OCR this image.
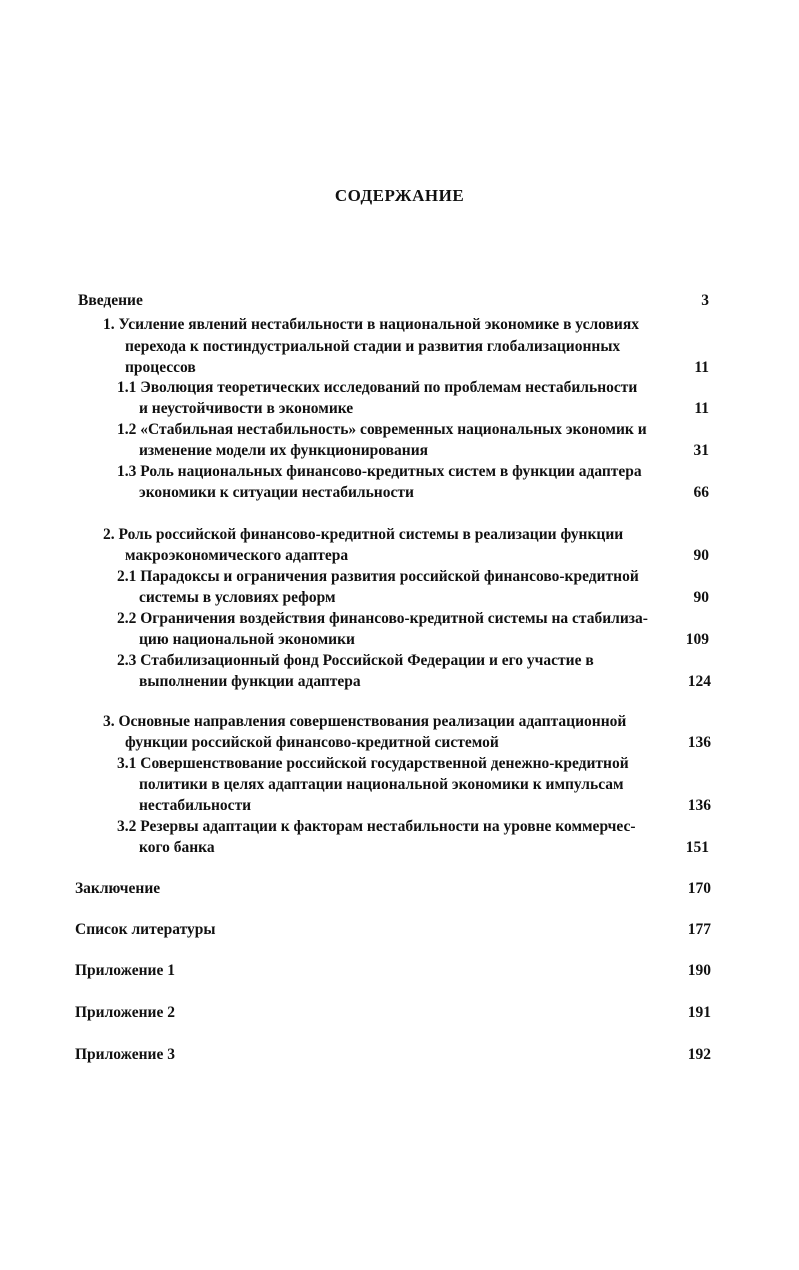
СОДЕРЖАНИЕ
Введение	3
1. Усиление явлений нестабильности в национальной экономике в условиях
перехода к постиндустриальной стадии и развития глобализационных
процессов	11
1.1 Эволюция теоретических исследований по проблемам нестабильности
и неустойчивости в экономике	11
1.2 «Стабильная нестабильность» современных национальных экономик и
изменение модели их функционирования	31
1.3 Роль национальных финансово-кредитных систем в функции адаптера
экономики к ситуации нестабильности	66
2. Роль российской финансово-кредитной системы в реализации функции
макроэкономического адаптера	90
2.1 Парадоксы и ограничения развития российской финансово-кредитной
системы в условиях реформ	90
2.2 Ограничения воздействия финансово-кредитной системы на стабилиза-
цию национальной экономики	109
2.3 Стабилизационный фонд Российской Федерации и его участие в
выполнении функции адаптера	124
3. Основные направления совершенствования реализации адаптационной
функции российской финансово-кредитной системой	136
3.1 Совершенствование российской государственной денежно-кредитной
политики в целях адаптации национальной экономики к импульсам
нестабильности	136
3.2 Резервы адаптации к факторам нестабильности на уровне коммерчес-
кого банка	151
Заключение	170
Список литературы	177
Приложение 1	190
Приложение 2	191
Приложение 3	192
